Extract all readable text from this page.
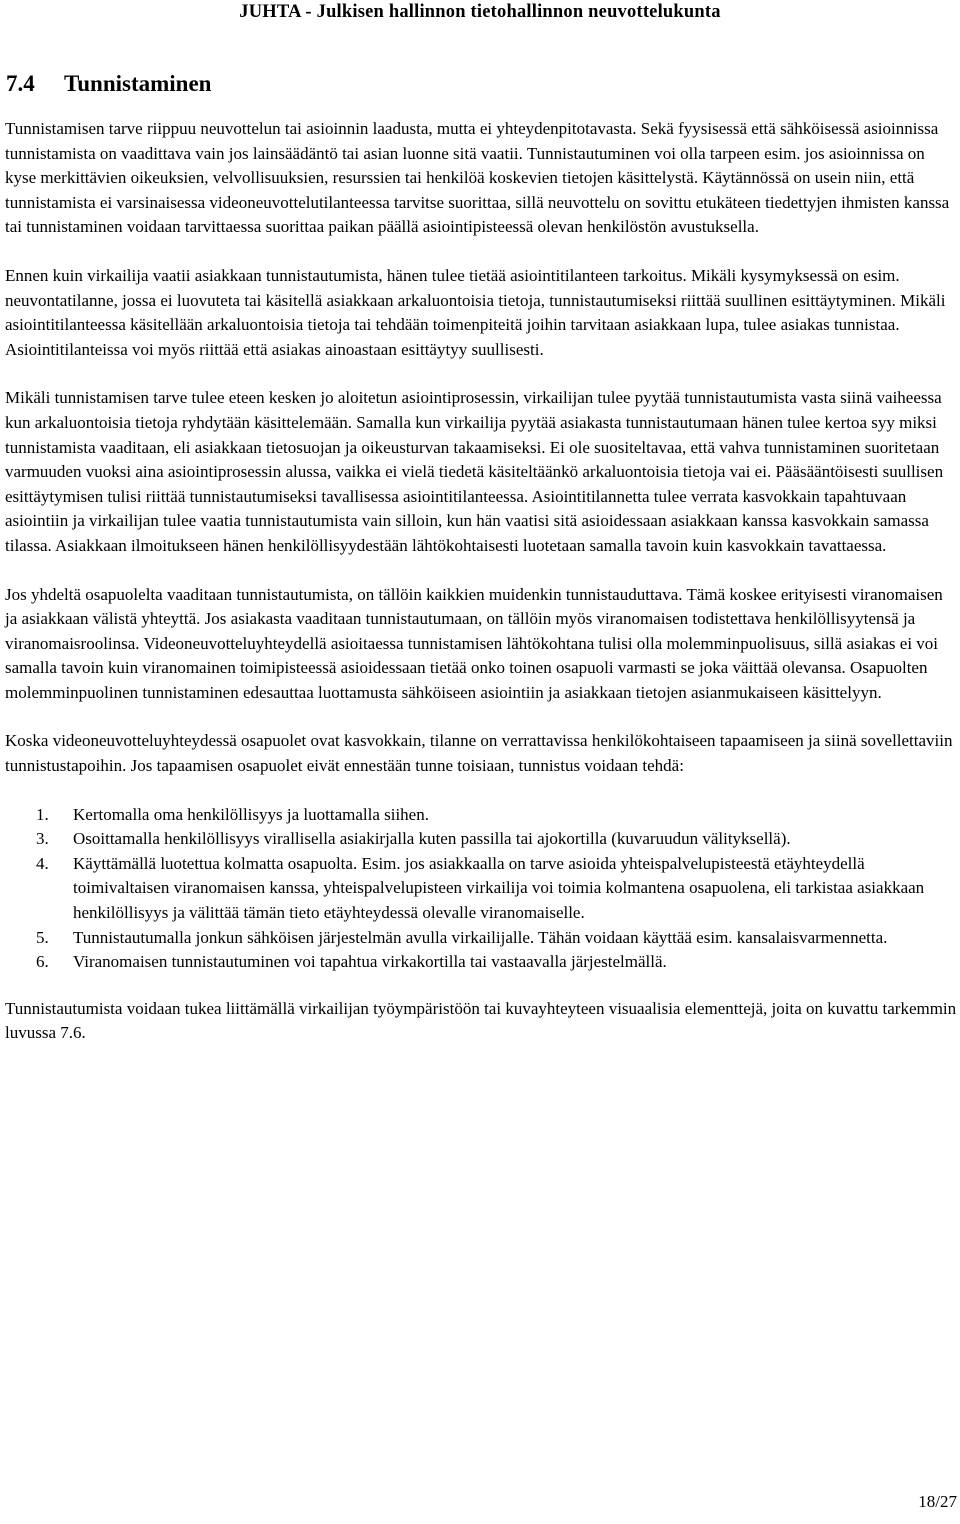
JUHTA - Julkisen hallinnon tietohallinnon neuvottelukunta
7.4 Tunnistaminen

Tunnistamisen tarve riippuu neuvottelun tai asioinnin laadusta, mutta ei yhteydenpitotavasta. Sekä fyysisessä että sähköisessä asioinnissa tunnistamista on vaadittava vain jos lainsäädäntö tai asian luonne sitä vaatii. Tunnistautuminen voi olla tarpeen esim. jos asioinnissa on kyse merkittävien oikeuksien, velvollisuuksien, resurssien tai henkilöä koskevien tietojen käsittelystä. Käytännössä on usein niin, että tunnistamista ei varsinaisessa videoneuvottelutilanteessa tarvitse suorittaa, sillä neuvottelu on sovittu etukäteen tiedettyjen ihmisten kanssa tai tunnistaminen voidaan tarvittaessa suorittaa paikan päällä asiointipisteessä olevan henkilöstön avustuksella.

Ennen kuin virkailija vaatii asiakkaan tunnistautumista, hänen tulee tietää asiointitilanteen tarkoitus. Mikäli kysymyksessä on esim. neuvontatilanne, jossa ei luovuteta tai käsitellä asiakkaan arkaluontoisia tietoja, tunnistautumiseksi riittää suullinen esittäytyminen. Mikäli asiointitilanteessa käsitellään arkaluontoisia tietoja tai tehdään toimenpiteitä joihin tarvitaan asiakkaan lupa, tulee asiakas tunnistaa. Asiointitilanteissa voi myös riittää että asiakas ainoastaan esittäytyy suullisesti.

Mikäli tunnistamisen tarve tulee eteen kesken jo aloitetun asiointiprosessin, virkailijan tulee pyytää tunnistautumista vasta siinä vaiheessa kun arkaluontoisia tietoja ryhdytään käsittelemään. Samalla kun virkailija pyytää asiakasta tunnistautumaan hänen tulee kertoa syy miksi tunnistamista vaaditaan, eli asiakkaan tietosuojan ja oikeusturvan takaamiseksi. Ei ole suositeltavaa, että vahva tunnistaminen suoritetaan varmuuden vuoksi aina asiointiprosessin alussa, vaikka ei vielä tiedetä käsiteltäänkö arkaluontoisia tietoja vai ei. Pääsääntöisesti suullisen esittäytymisen tulisi riittää tunnistautumiseksi tavallisessa asiointitilanteessa. Asiointitilannetta tulee verrata kasvokkain tapahtuvaan asiointiin ja virkailijan tulee vaatia tunnistautumista vain silloin, kun hän vaatisi sitä asioidessaan asiakkaan kanssa kasvokkain samassa tilassa. Asiakkaan ilmoitukseen hänen henkilöllisyydestään lähtökohtaisesti luotetaan samalla tavoin kuin kasvokkain tavattaessa.

Jos yhdeltä osapuolelta vaaditaan tunnistautumista, on tällöin kaikkien muidenkin tunnistauduttava. Tämä koskee erityisesti viranomaisen ja asiakkaan välistä yhteyttä. Jos asiakasta vaaditaan tunnistautumaan, on tällöin myös viranomaisen todistettava henkilöllisyytensä ja viranomaisroolinsa. Videoneuvotteluyhteydellä asioitaessa tunnistamisen lähtökohtana tulisi olla molemminpuolisuus, sillä asiakas ei voi samalla tavoin kuin viranomainen toimipisteessä asioidessaan tietää onko toinen osapuoli varmasti se joka väittää olevansa. Osapuolten molemminpuolinen tunnistaminen edesauttaa luottamusta sähköiseen asiointiin ja asiakkaan tietojen asianmukaiseen käsittelyyn.

Koska videoneuvotteluyhteydessä osapuolet ovat kasvokkain, tilanne on verrattavissa henkilökohtaiseen tapaamiseen ja siinä sovellettaviin tunnistustapoihin. Jos tapaamisen osapuolet eivät ennestään tunne toisiaan, tunnistus voidaan tehdä:

1. Kertomalla oma henkilöllisyys ja luottamalla siihen.
3. Osoittamalla henkilöllisyys virallisella asiakirjalla kuten passilla tai ajokortilla (kuvaruudun välityksellä).
4. Käyttämällä luotettua kolmatta osapuolta. Esim. jos asiakkaalla on tarve asioida yhteispalvelupisteestä etäyhteydellä toimivaltaisen viranomaisen kanssa, yhteispalvelupisteen virkailija voi toimia kolmantena osapuolena, eli tarkistaa asiakkaan henkilöllisyys ja välittää tämän tieto etäyhteydessä olevalle viranomaiselle.
5. Tunnistautumalla jonkun sähköisen järjestelmän avulla virkailijalle. Tähän voidaan käyttää esim. kansalaisvarmennetta.
6. Viranomaisen tunnistautuminen voi tapahtua virkakortilla tai vastaavalla järjestelmällä.

Tunnistautumista voidaan tukea liittämällä virkailijan työympäristöön tai kuvayhteyteen visuaalisia elementtejä, joita on kuvattu tarkemmin luvussa 7.6.

18/27
